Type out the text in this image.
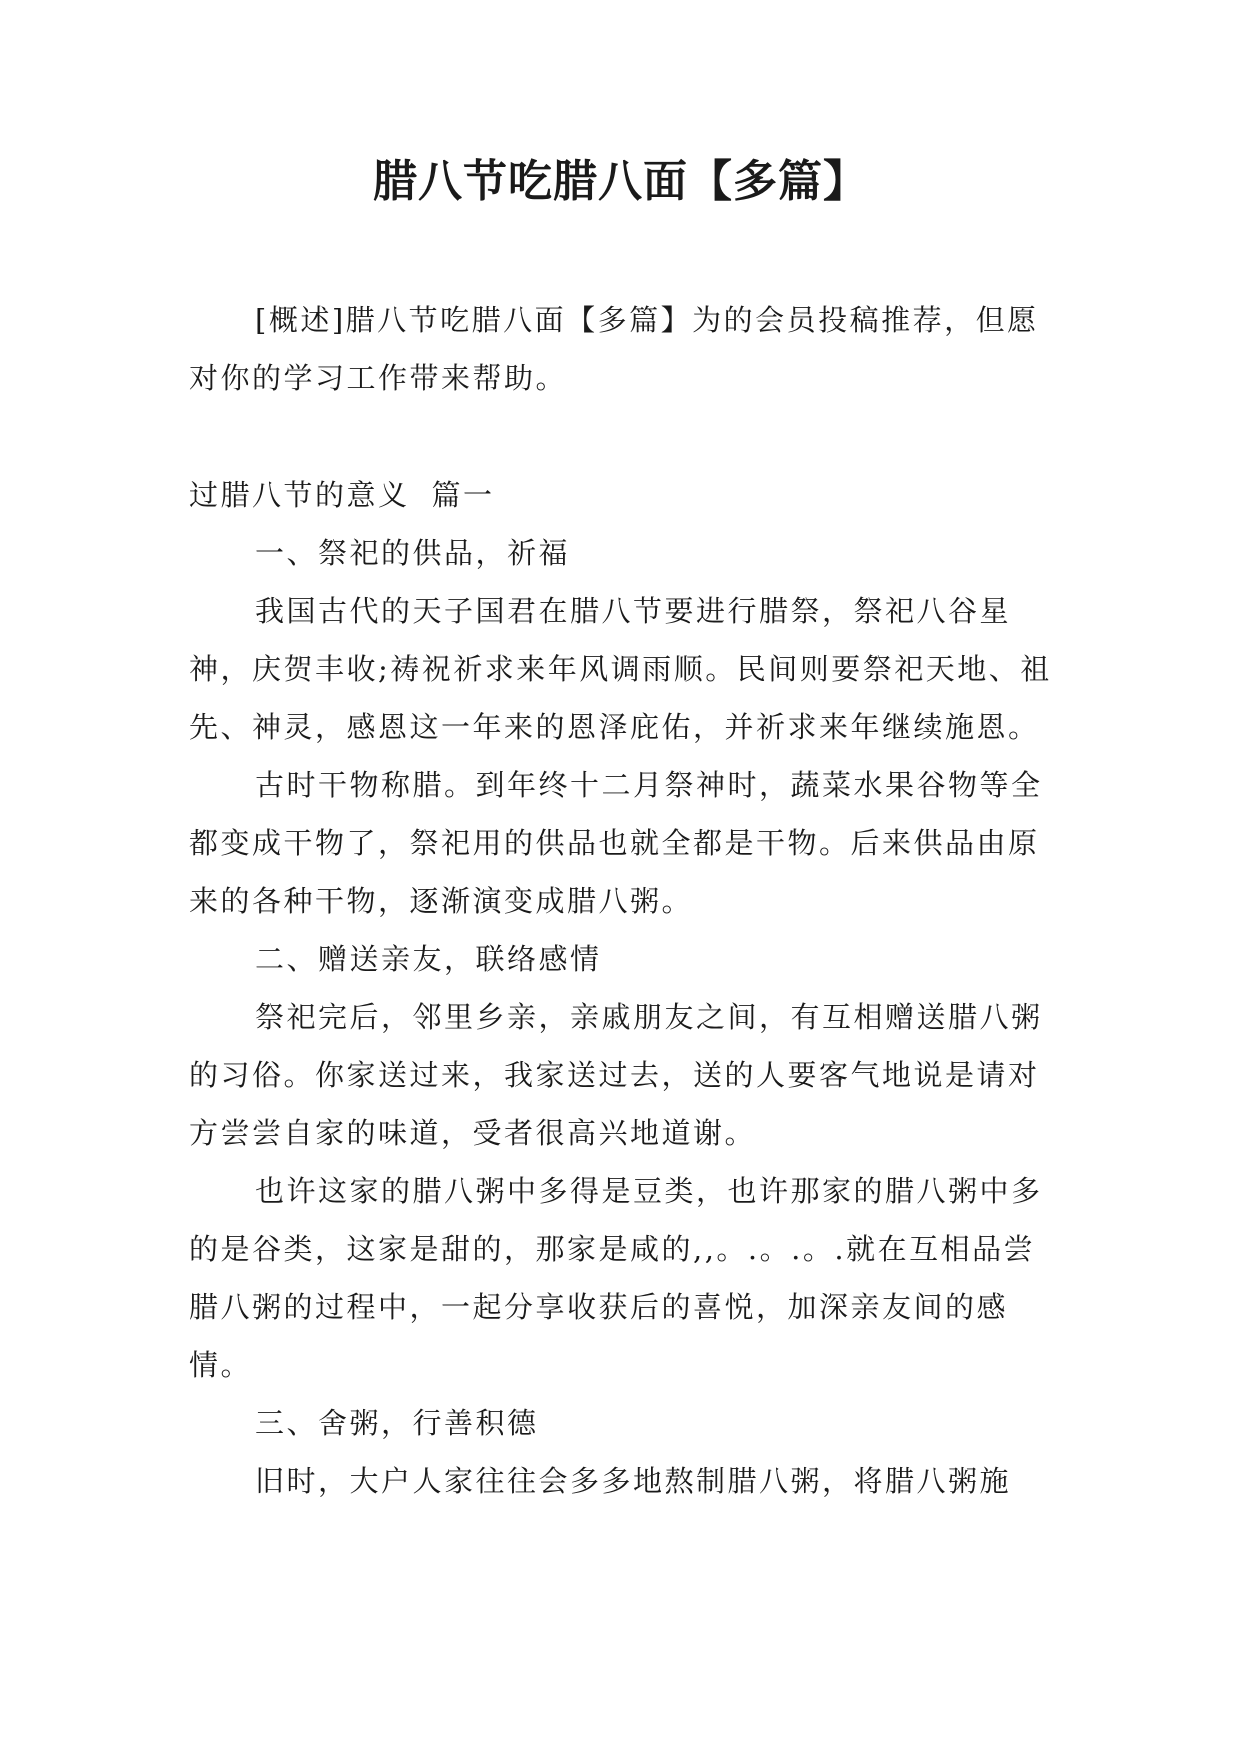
腊八节吃腊八面【多篇】

[概述]腊八节吃腊八面【多篇】为的会员投稿推荐，但愿对你的学习工作带来帮助。

过腊八节的意义 篇一

一、祭祀的供品，祈福

我国古代的天子国君在腊八节要进行腊祭，祭祀八谷星神，庆贺丰收;祷祝祈求来年风调雨顺。民间则要祭祀天地、祖先、神灵，感恩这一年来的恩泽庇佑，并祈求来年继续施恩。

古时干物称腊。到年终十二月祭神时，蔬菜水果谷物等全都变成干物了，祭祀用的供品也就全都是干物。后来供品由原来的各种干物，逐渐演变成腊八粥。

二、赠送亲友，联络感情

祭祀完后，邻里乡亲，亲戚朋友之间，有互相赠送腊八粥的习俗。你家送过来，我家送过去，送的人要客气地说是请对方尝尝自家的味道，受者很高兴地道谢。

也许这家的腊八粥中多得是豆类，也许那家的腊八粥中多的是谷类，这家是甜的，那家是咸的,,。.。.。.就在互相品尝腊八粥的过程中，一起分享收获后的喜悦，加深亲友间的感情。

三、舍粥，行善积德

旧时，大户人家往往会多多地熬制腊八粥，将腊八粥施
